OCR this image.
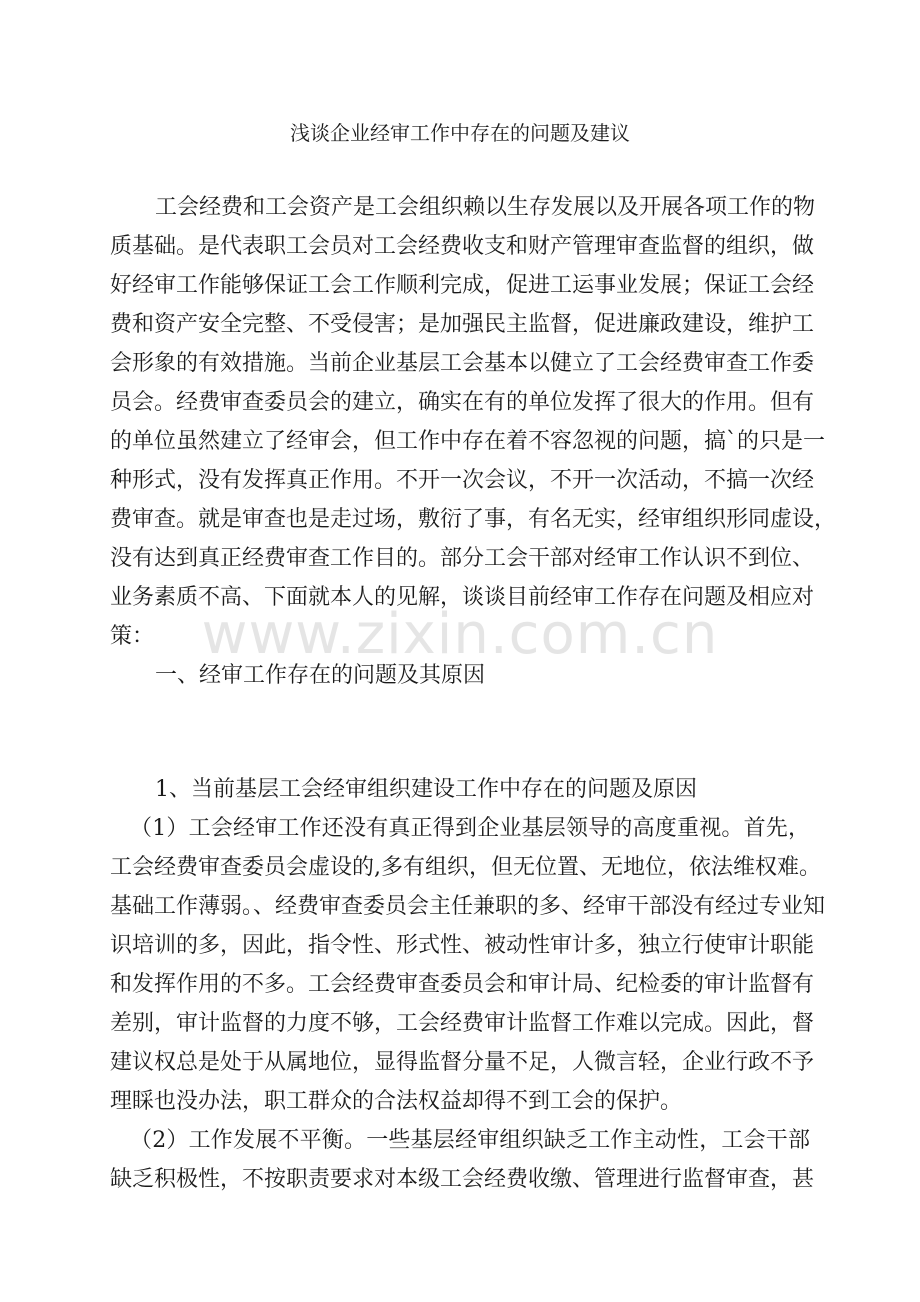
浅谈企业经审工作中存在的问题及建议
工会经费和工会资产是工会组织赖以生存发展以及开展各项工作的物
质基础。是代表职工会员对工会经费收支和财产管理审查监督的组织，做
好经审工作能够保证工会工作顺利完成，促进工运事业发展；保证工会经
费和资产安全完整、不受侵害；是加强民主监督，促进廉政建设，维护工
会形象的有效措施。当前企业基层工会基本以健立了工会经费审查工作委
员会。经费审查委员会的建立，确实在有的单位发挥了很大的作用。但有
的单位虽然建立了经审会，但工作中存在着不容忽视的问题，搞`的只是一
种形式，没有发挥真正作用。不开一次会议，不开一次活动，不搞一次经
费审查。就是审查也是走过场，敷衍了事，有名无实，经审组织形同虚设，
没有达到真正经费审查工作目的。部分工会干部对经审工作认识不到位、
业务素质不高、下面就本人的见解，谈谈目前经审工作存在问题及相应对
策：
一、经审工作存在的问题及其原因
1、当前基层工会经审组织建设工作中存在的问题及原因
（1）工会经审工作还没有真正得到企业基层领导的高度重视。首先，
工会经费审查委员会虚设的,多有组织，但无位置、无地位，依法维权难。
基础工作薄弱。、经费审查委员会主任兼职的多、经审干部没有经过专业知
识培训的多，因此，指令性、形式性、被动性审计多，独立行使审计职能
和发挥作用的不多。工会经费审查委员会和审计局、纪检委的审计监督有
差别，审计监督的力度不够，工会经费审计监督工作难以完成。因此，督
建议权总是处于从属地位，显得监督分量不足，人微言轻，企业行政不予
理睬也没办法，职工群众的合法权益却得不到工会的保护。
（2）工作发展不平衡。一些基层经审组织缺乏工作主动性，工会干部
缺乏积极性，不按职责要求对本级工会经费收缴、管理进行监督审查，甚
www.zixin.com.cn
